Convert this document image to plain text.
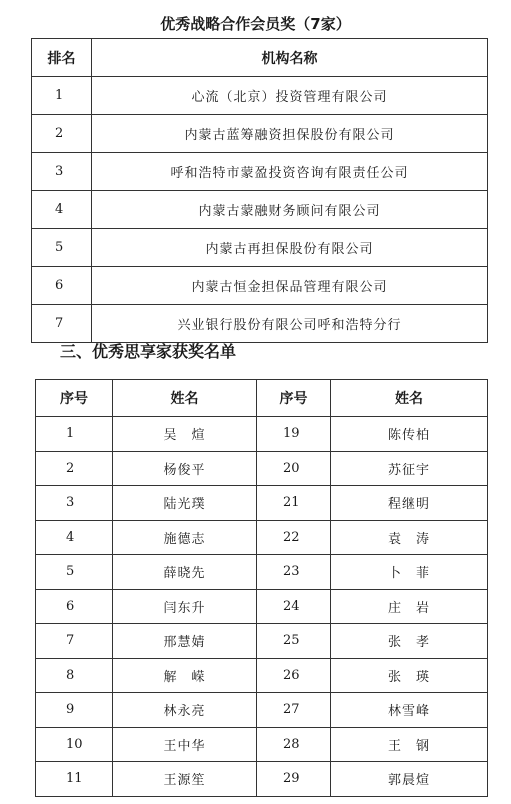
优秀战略合作会员奖（7家）
排名	机构名称
1	心流（北京）投资管理有限公司
2	内蒙古蓝筹融资担保股份有限公司
3	呼和浩特市蒙盈投资咨询有限责任公司
4	内蒙古蒙融财务顾问有限公司
5	内蒙古再担保股份有限公司
6	内蒙古恒金担保品管理有限公司
7	兴业银行股份有限公司呼和浩特分行
三、优秀思享家获奖名单
序号	姓名	序号	姓名
1	吴　煊	19	陈传柏
2	杨俊平	20	苏征宇
3	陆光璞	21	程继明
4	施德志	22	袁　涛
5	薛晓先	23	卜　菲
6	闫东升	24	庄　岩
7	邢慧婧	25	张　孝
8	解　嵘	26	张　瑛
9	林永亮	27	林雪峰
10	王中华	28	王　钢
11	王源笙	29	郭晨煊
